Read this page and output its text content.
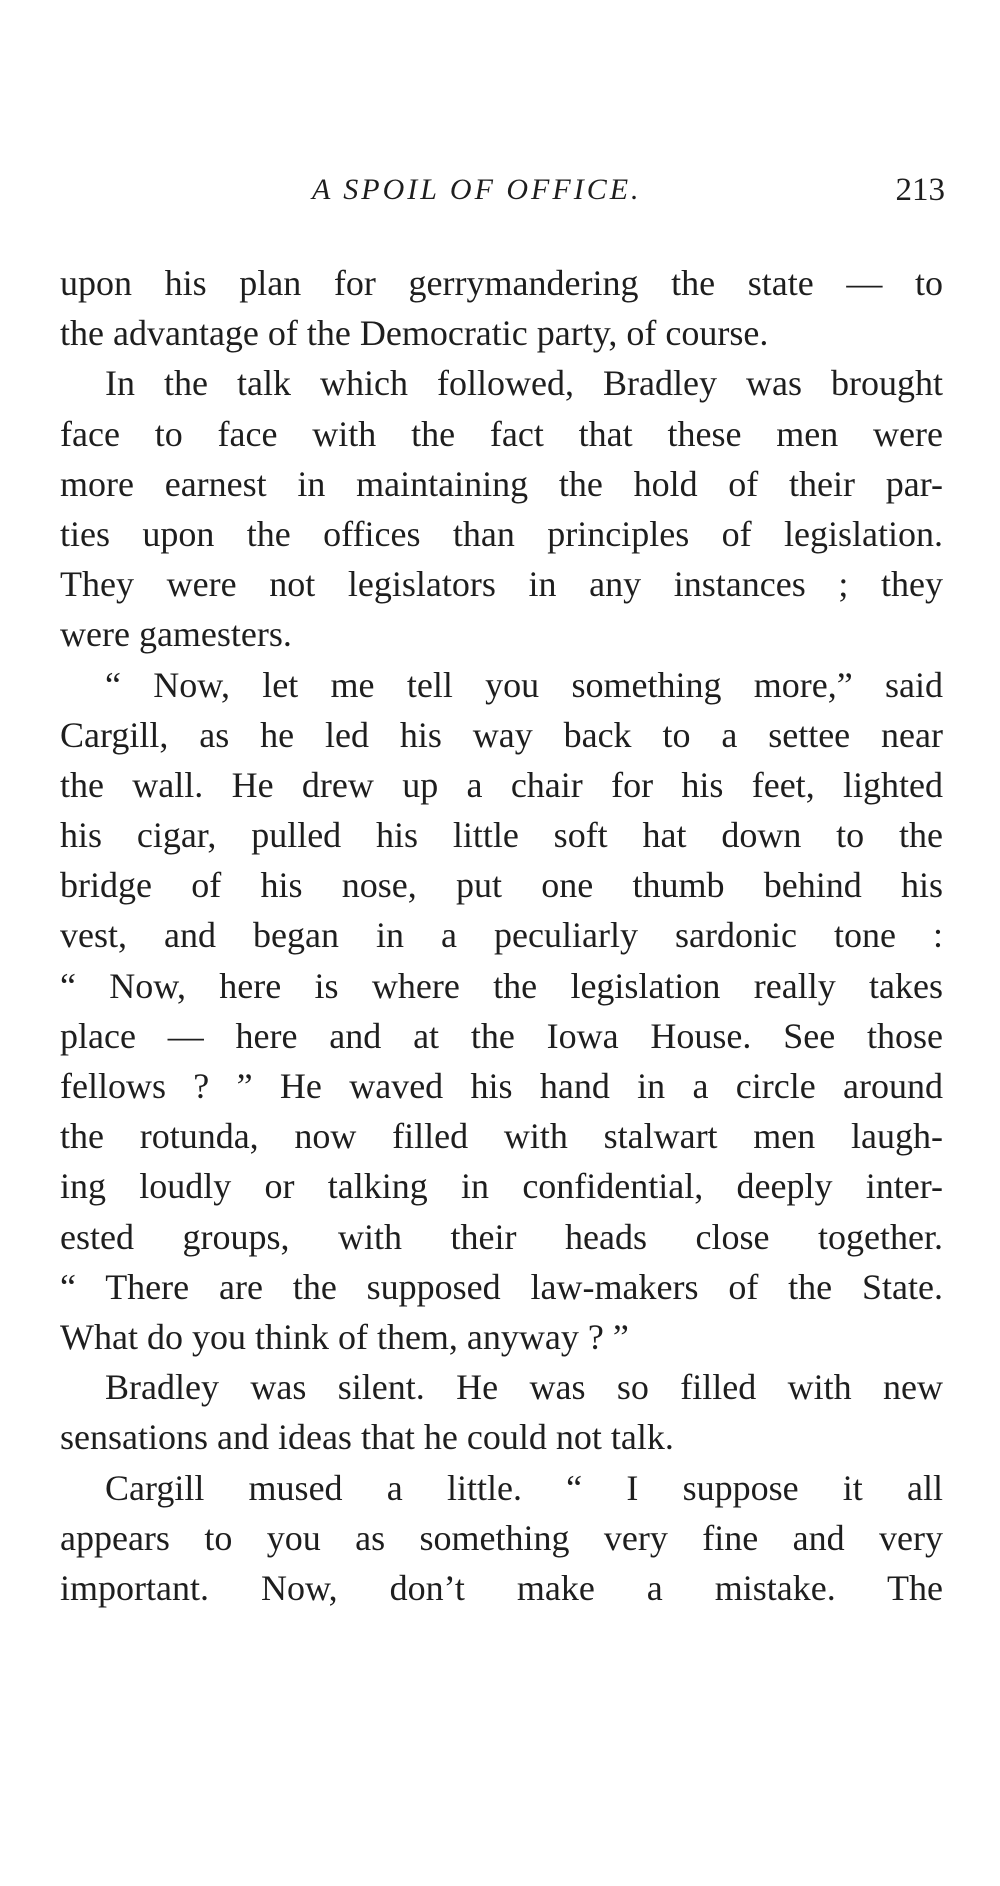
A SPOIL OF OFFICE.	213
upon his plan for gerrymandering the state — to
the advantage of the Democratic party, of course.
In the talk which followed, Bradley was brought
face to face with the fact that these men were
more earnest in maintaining the hold of their par-
ties upon the offices than principles of legislation.
They were not legislators in any instances ; they
were gamesters.
“ Now, let me tell you something more,” said
Cargill, as he led his way back to a settee near
the wall. He drew up a chair for his feet, lighted
his cigar, pulled his little soft hat down to the
bridge of his nose, put one thumb behind his
vest, and began in a peculiarly sardonic tone :
“ Now, here is where the legislation really takes
place — here and at the Iowa House. See those
fellows ? ” He waved his hand in a circle around
the rotunda, now filled with stalwart men laugh-
ing loudly or talking in confidential, deeply inter-
ested groups, with their heads close together.
“ There are the supposed law-makers of the State.
What do you think of them, anyway ? ”
Bradley was silent. He was so filled with new
sensations and ideas that he could not talk.
Cargill mused a little. “ I suppose it all
appears to you as something very fine and very
important. Now, don’t make a mistake. The
